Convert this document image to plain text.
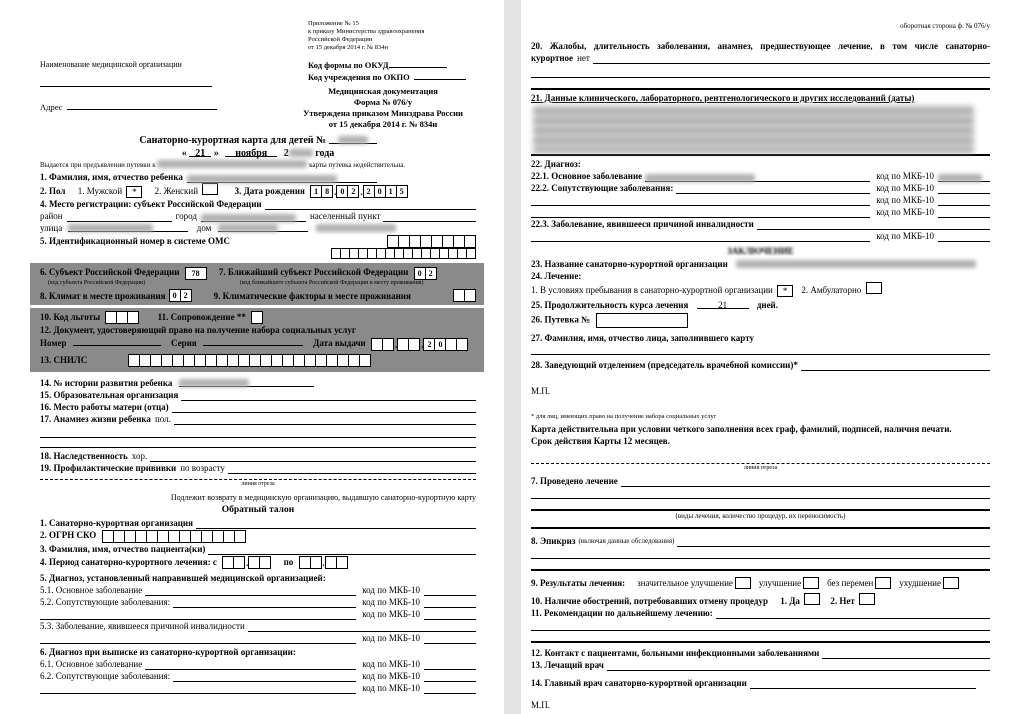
Приложение № 15
к приказу Министерства здравоохранения
Российской Федерации
от 15 декабря 2014 г. № 834н
Наименование медицинской организации	Код формы по ОКУД
Код учреждения по ОКПО
Адрес
Медицинская документация
Форма № 076/у
Утверждена приказом Минздрава России
от 15 декабря 2014 г. № 834н
Санаторно-курортная карта для детей №
« 21 » ноября 2	года
Выдается при предъявлении путевки к	карты путевка недействительна.
1. Фамилия, имя, отчество ребенка
2. Пол 1. Мужской * 2. Женский	3. Дата рождения	1 8 . 0 2 . 2 0 1 5
4. Место регистрации: субъект Российской Федерации
район	город	населенный пункт
улица	дом
5. Идентификационный номер в системе ОМС

6. Субъект Российской Федерации	78	7. Ближайший субъект Российской Федерации	0 2
(код субъекта Российской Федерации)	(код ближайшего субъекта Российской Федерации к месту проживания)
8. Климат в месте проживания 0 2	9. Климатические факторы в месте проживания
10. Код льготы	11. Сопровождение **
12. Документ, удостоверяющий право на получение набора социальных услуг
Номер	Серия	Дата выдачи	.	. 2 0
13. СНИЛС
14. № истории развития ребенка
15. Образовательная организация
16. Место работы матери (отца)
17. Анамнез жизни ребенка пол.
18. Наследственность хор.
19. Профилактические прививки по возрасту
линия отреза
Подлежит возврату в медицинскую организацию, выдавшую санаторно-курортную карту
Обратный талон
1. Санаторно-курортная организация
2. ОГРН СКО
3. Фамилия, имя, отчество пациента(ки)
4. Период санаторно-курортного лечения: с	.	по	.
5. Диагноз, установленный направившей медицинской организацией:
5.1. Основное заболевание	код по МКБ-10
5.2. Сопутствующие заболевания:	код по МКБ-10
код по МКБ-10
5.3. Заболевание, явившееся причиной инвалидности
код по МКБ-10
6. Диагноз при выписке из санаторно-курортной организации:
6.1. Основное заболевание	код по МКБ-10
6.2. Сопутствующие заболевания:	код по МКБ-10
код по МКБ-10
оборотная сторона ф. № 076/у
20. Жалобы, длительность заболевания, анамнез, предшествующее лечение, в том числе санаторно-
курортное нет
21. Данные клинического, лабораторного, рентгенологического и других исследований (даты)
22. Диагноз:
22.1. Основное заболевание	код по МКБ-10
22.2. Сопутствующие заболевания:	код по МКБ-10
код по МКБ-10
код по МКБ-10
22.3. Заболевание, явившееся причиной инвалидности
код по МКБ-10
ЗАКЛЮЧЕНИЕ
23. Название санаторно-курортной организации
24. Лечение:
1. В условиях пребывания в санаторно-курортной организации * 2. Амбулаторно
25. Продолжительность курса лечения	21	дней.
26. Путевка №
27. Фамилия, имя, отчество лица, заполнившего карту
28. Заведующий отделением (председатель врачебной комиссии)*
М.П.
* для лиц, имеющих право на получение набора социальных услуг
Карта действительна при условии четкого заполнения всех граф, фамилий, подписей, наличия печати.
Срок действия Карты 12 месяцев.
линия отреза
7. Проведено лечение
(виды лечения, количество процедур, их переносимость)
8. Эпикриз (включая данные обследования)
9. Результаты лечения: значительное улучшение	улучшение	без перемен	ухудшение
10. Наличие обострений, потребовавших отмену процедур 1. Да	2. Нет
11. Рекомендации по дальнейшему лечению:
12. Контакт с пациентами, больными инфекционными заболеваниями
13. Лечащий врач
14. Главный врач санаторно-курортной организации
М.П.
